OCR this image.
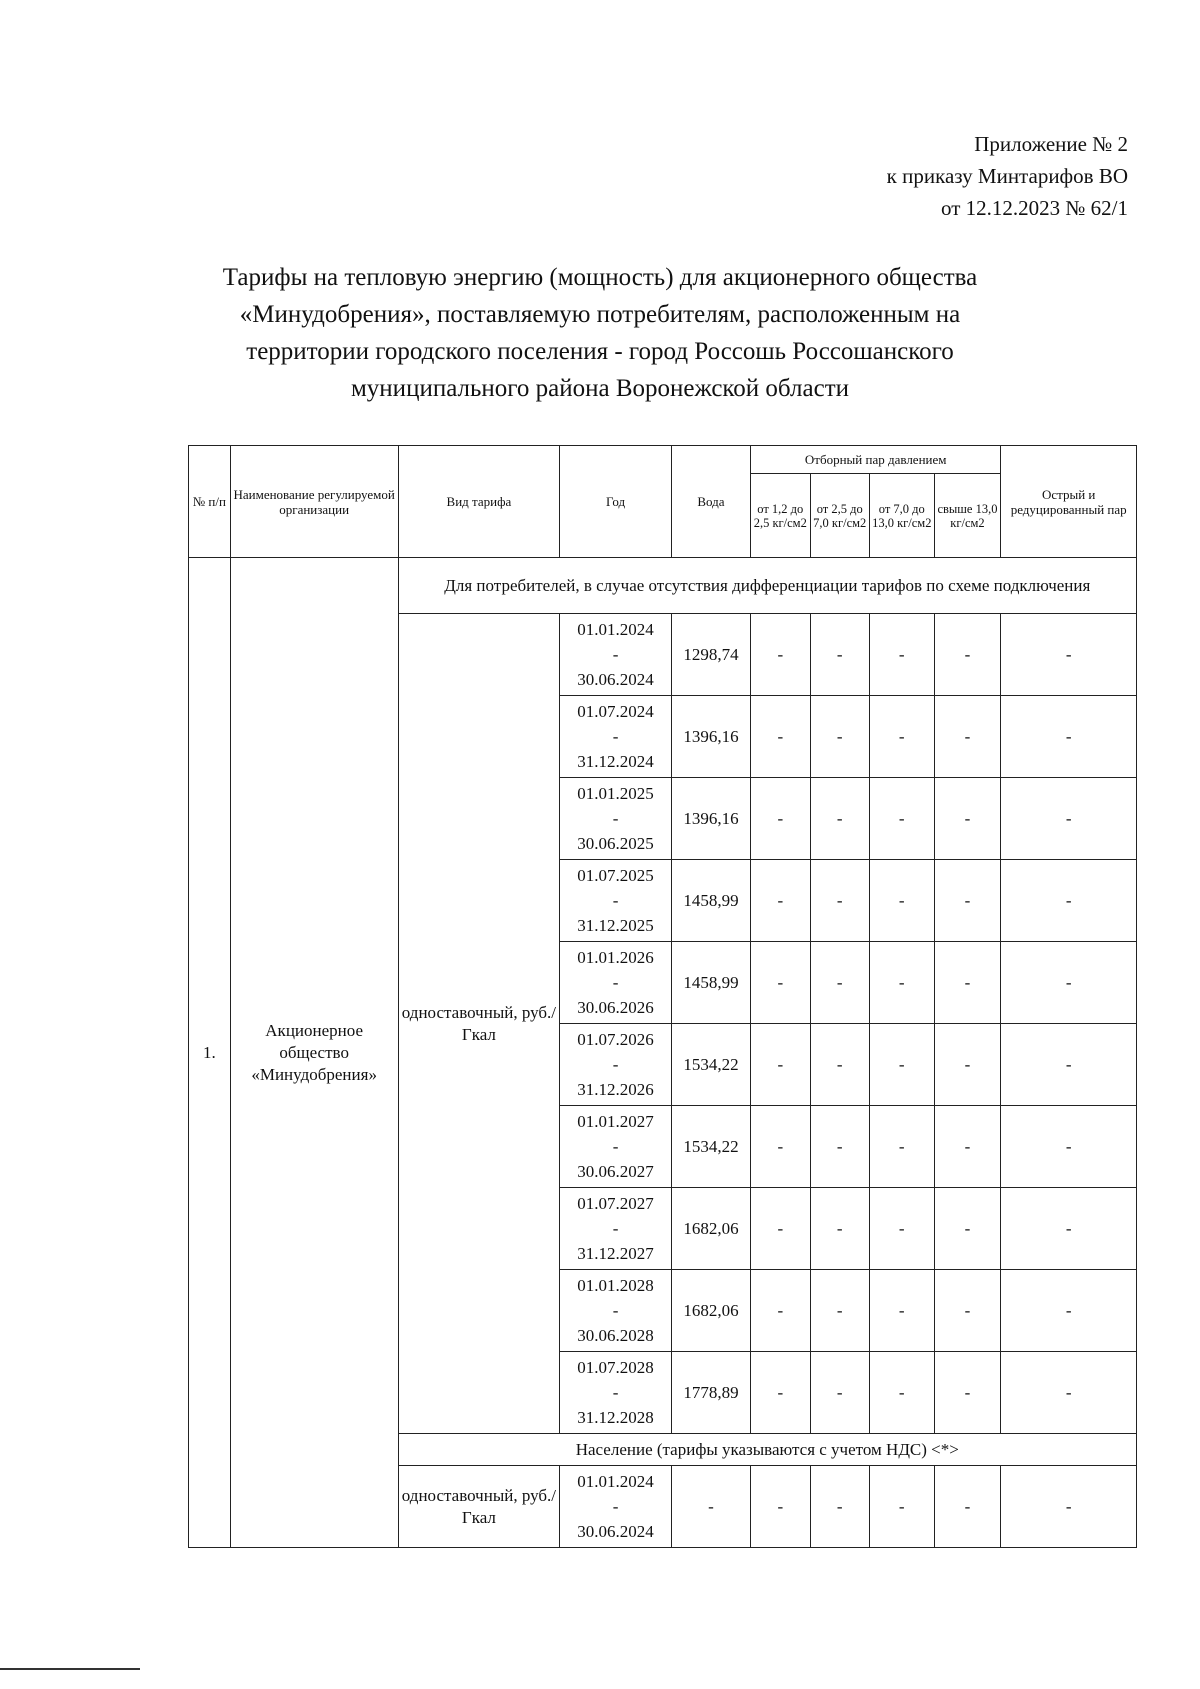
Приложение № 2
к приказу Минтарифов ВО
от 12.12.2023 № 62/1
Тарифы на тепловую энергию (мощность) для акционерного общества
«Минудобрения», поставляемую потребителям, расположенным на
территории городского поселения - город Россошь Россошанского
муниципального района Воронежской области
№ п/п	Наименование регулируемой организации	Вид тарифа	Год	Вода	Отборный пар давлением				Острый и редуцированный пар
					от 1,2 до 2,5 кг/см2	от 2,5 до 7,0 кг/см2	от 7,0 до 13,0 кг/см2	свыше 13,0 кг/см2	
1.	Акционерное общество «Минудобрения»	Для потребителей, в случае отсутствия дифференциации тарифов по схеме подключения							
		одноставочный, руб./Гкал	01.01.2024
-
30.06.2024	1298,74	-	-	-	-	-

			01.07.2024
-
31.12.2024	1396,16	-	-	-	-	-

			01.01.2025
-
30.06.2025	1396,16	-	-	-	-	-

			01.07.2025
-
31.12.2025	1458,99	-	-	-	-	-

			01.01.2026
-
30.06.2026	1458,99	-	-	-	-	-

			01.07.2026
-
31.12.2026	1534,22	-	-	-	-	-

			01.01.2027
-
30.06.2027	1534,22	-	-	-	-	-

			01.07.2027
-
31.12.2027	1682,06	-	-	-	-	-

			01.01.2028
-
30.06.2028	1682,06	-	-	-	-	-

			01.07.2028
-
31.12.2028	1778,89	-	-	-	-	-
		Население (тарифы указываются с учетом НДС) <*>							
		одноставочный, руб./Гкал	01.01.2024
-
30.06.2024	-	-	-	-	-	-
